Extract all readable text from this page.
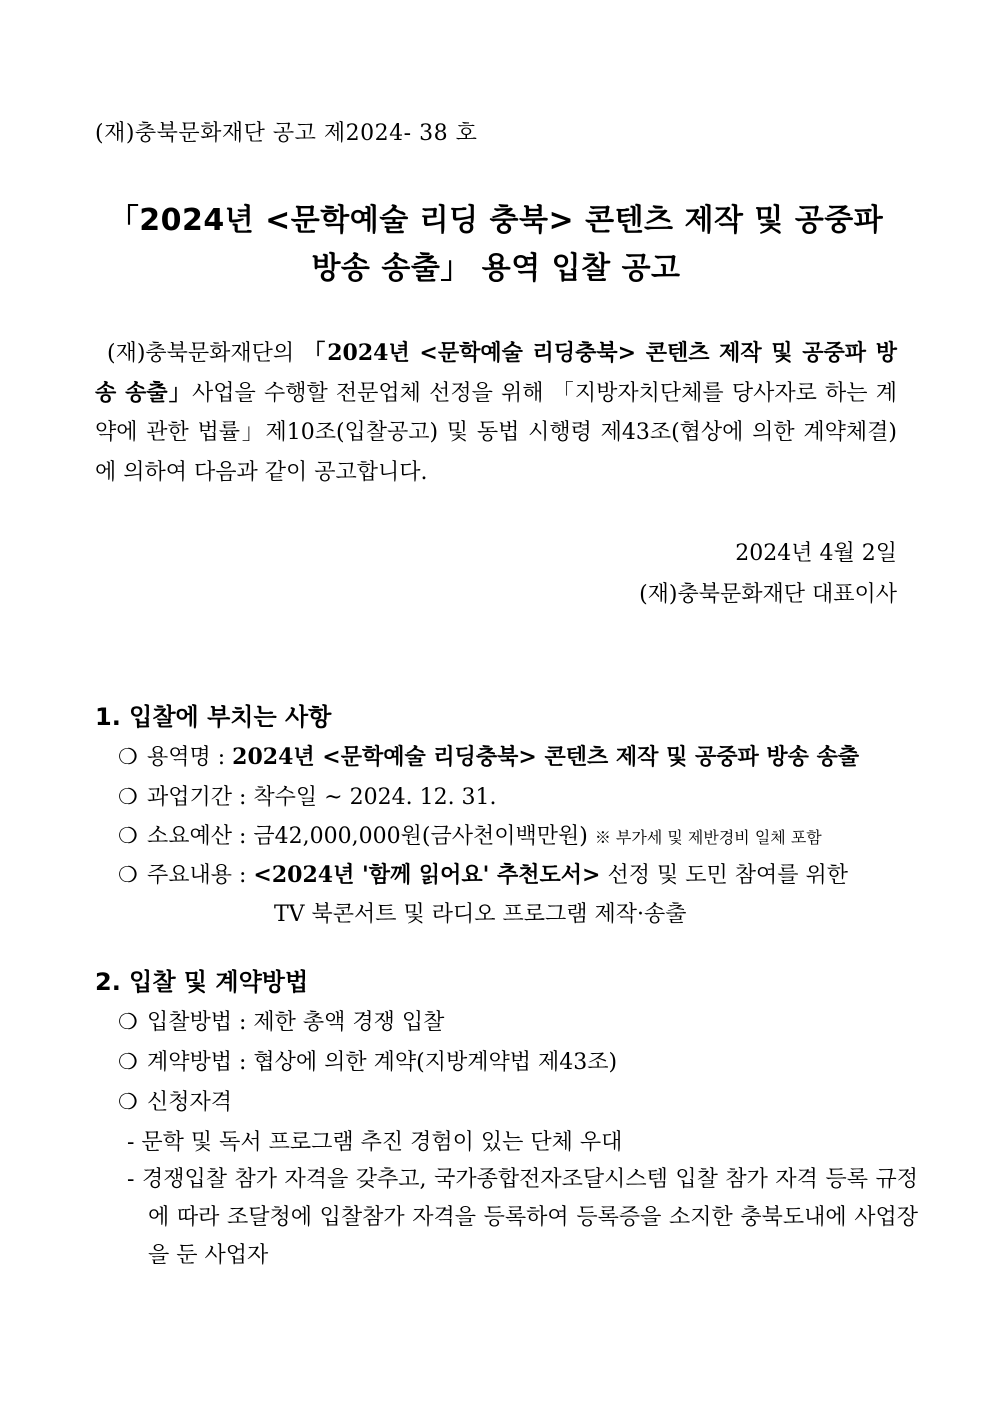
(재)충북문화재단 공고 제2024- 38 호
「2024년 <문학예술 리딩 충북> 콘텐츠 제작 및 공중파
방송 송출」 용역 입찰 공고
(재)충북문화재단의 「2024년 <문학예술 리딩충북> 콘텐츠 제작 및 공중파 방송 송출」사업을 수행할 전문업체 선정을 위해 「지방자치단체를 당사자로 하는 계약에 관한 법률」제10조(입찰공고) 및 동법 시행령 제43조(협상에 의한 계약체결)에 의하여 다음과 같이 공고합니다.
2024년 4월 2일
(재)충북문화재단 대표이사
1. 입찰에 부치는 사항
❍ 용역명 : 2024년 <문학예술 리딩충북> 콘텐츠 제작 및 공중파 방송 송출
❍ 과업기간 : 착수일 ~ 2024. 12. 31.
❍ 소요예산 : 금42,000,000원(금사천이백만원) ※ 부가세 및 제반경비 일체 포함
❍ 주요내용 : <2024년 '함께 읽어요' 추천도서> 선정 및 도민 참여를 위한
TV 북콘서트 및 라디오 프로그램 제작·송출
2. 입찰 및 계약방법
❍ 입찰방법 : 제한 총액 경쟁 입찰
❍ 계약방법 : 협상에 의한 계약(지방계약법 제43조)
❍ 신청자격
- 문학 및 독서 프로그램 추진 경험이 있는 단체 우대
- 경쟁입찰 참가 자격을 갖추고, 국가종합전자조달시스템 입찰 참가 자격 등록 규정에 따라 조달청에 입찰참가 자격을 등록하여 등록증을 소지한 충북도내에 사업장을 둔 사업자
